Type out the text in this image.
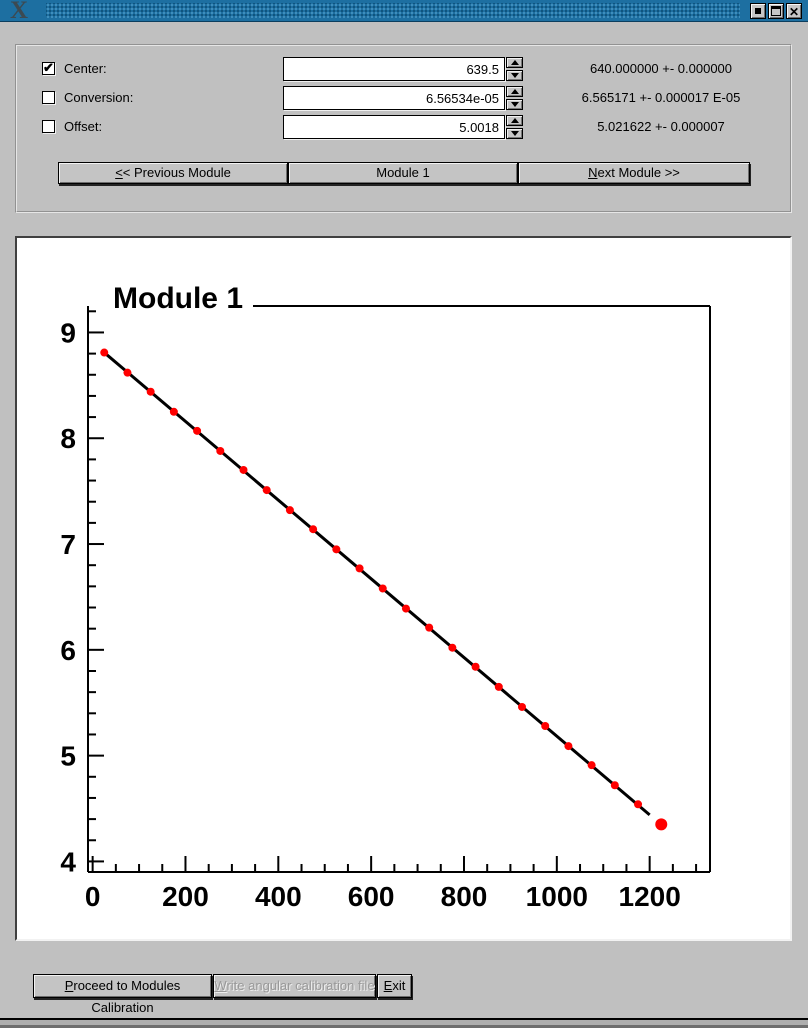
X	✕
✔ Center:
639.5	640.000000 +- 0.000000
Conversion:
6.56534e-05	6.565171 +- 0.000017 E-05
Offset:
5.0018	5.021622 +- 0.000007
<< Previous Module	Module 1	Next Module >>
4
5
6
7
8
9
0 200 400 600 800 1000 1200
Module 1
Proceed to Modules Calibration
Write angular calibration file Exit
